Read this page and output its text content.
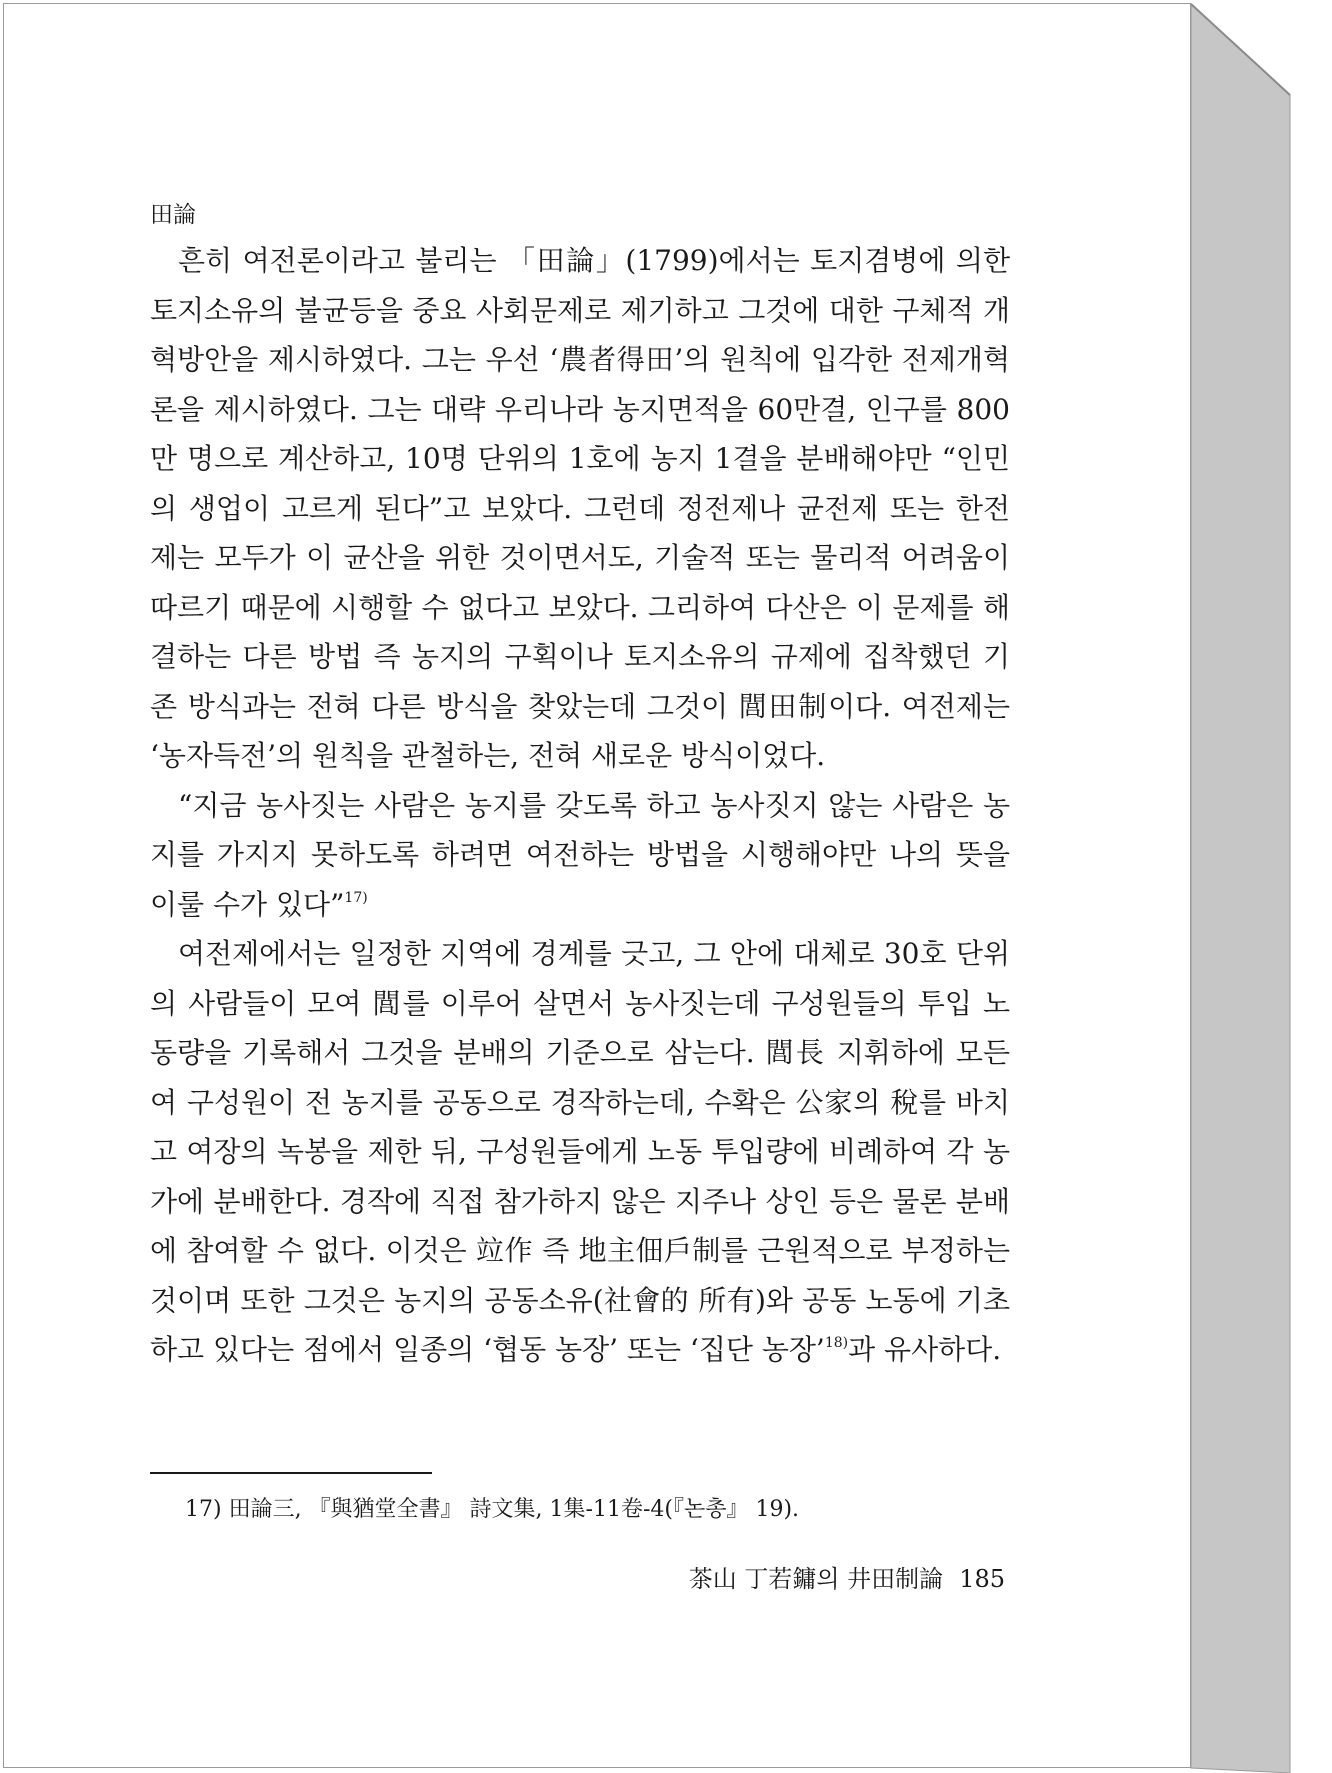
田論

흔히 여전론이라고 불리는 「田論」(1799)에서는 토지겸병에 의한 토지소유의 불균등을 중요 사회문제로 제기하고 그것에 대한 구체적 개혁방안을 제시하였다. 그는 우선 ‘農者得田’의 원칙에 입각한 전제개혁론을 제시하였다. 그는 대략 우리나라 농지면적을 60만결, 인구를 800만 명으로 계산하고, 10명 단위의 1호에 농지 1결을 분배해야만 “인민의 생업이 고르게 된다”고 보았다. 그런데 정전제나 균전제 또는 한전제는 모두가 이 균산을 위한 것이면서도, 기술적 또는 물리적 어려움이 따르기 때문에 시행할 수 없다고 보았다. 그리하여 다산은 이 문제를 해결하는 다른 방법 즉 농지의 구획이나 토지소유의 규제에 집착했던 기존 방식과는 전혀 다른 방식을 찾았는데 그것이 閭田制이다. 여전제는 ‘농자득전’의 원칙을 관철하는, 전혀 새로운 방식이었다.

“지금 농사짓는 사람은 농지를 갖도록 하고 농사짓지 않는 사람은 농지를 가지지 못하도록 하려면 여전하는 방법을 시행해야만 나의 뜻을 이룰 수가 있다”$^{17)}$

여전제에서는 일정한 지역에 경계를 긋고, 그 안에 대체로 30호 단위의 사람들이 모여 閭를 이루어 살면서 농사짓는데 구성원들의 투입 노동량을 기록해서 그것을 분배의 기준으로 삼는다. 閭長 지휘하에 모든 여 구성원이 전 농지를 공동으로 경작하는데, 수확은 公家의 稅를 바치고 여장의 녹봉을 제한 뒤, 구성원들에게 노동 투입량에 비례하여 각 농가에 분배한다. 경작에 직접 참가하지 않은 지주나 상인 등은 물론 분배에 참여할 수 없다. 이것은 竝作 즉 地主佃戶制를 근원적으로 부정하는 것이며 또한 그것은 농지의 공동소유(社會的 所有)와 공동 노동에 기초하고 있다는 점에서 일종의 ‘협동 농장’ 또는 ‘집단 농장’$^{18)}$과 유사하다.

17) 田論三, 『與猶堂全書』 詩文集, 1集-11卷-4(『논총』 19).
茶山 丁若鏞의 井田制論 185
